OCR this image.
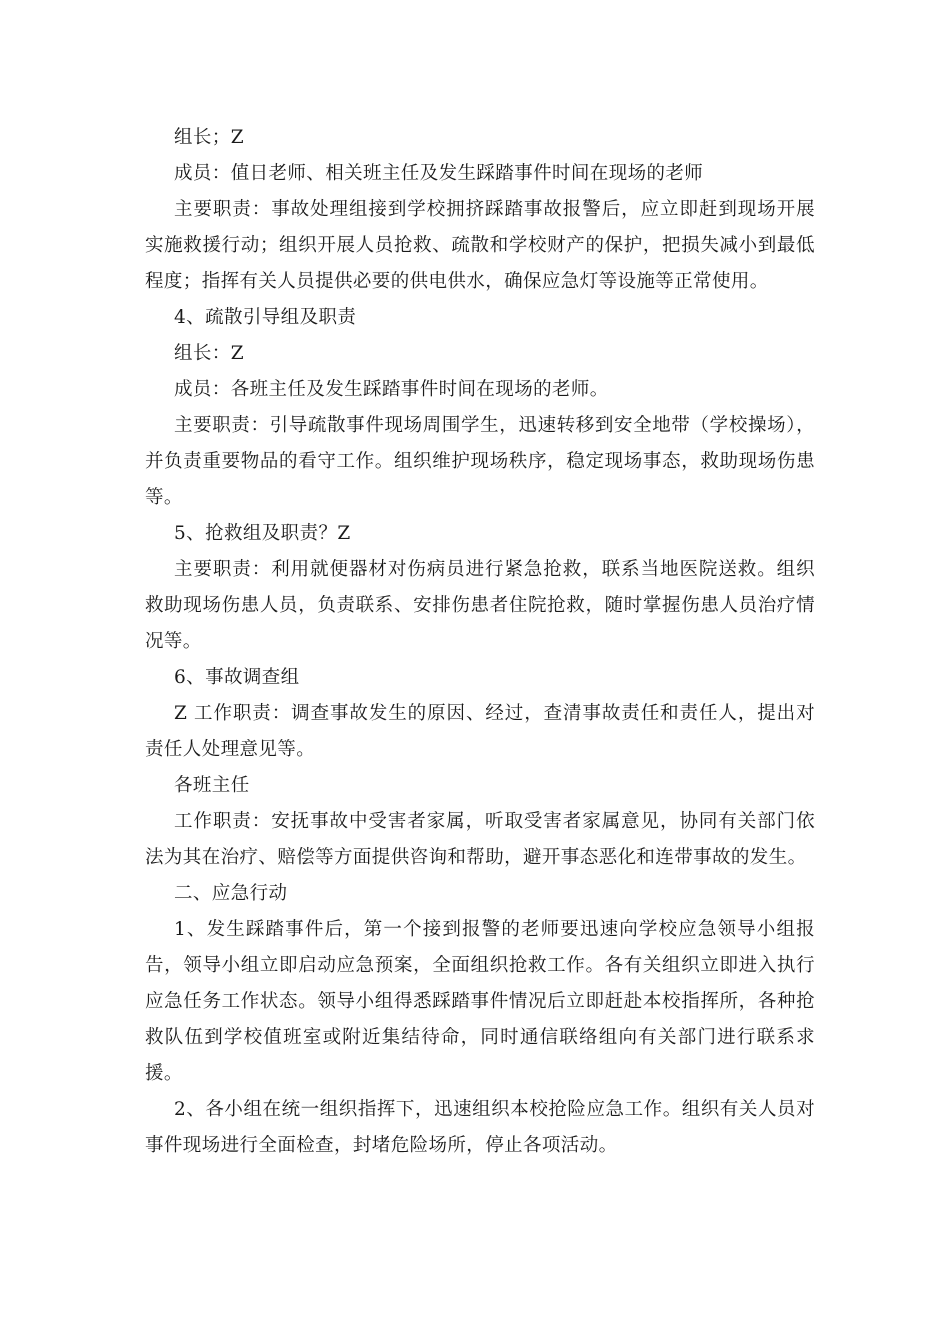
组长；Z

成员：值日老师、相关班主任及发生踩踏事件时间在现场的老师

主要职责：事故处理组接到学校拥挤踩踏事故报警后，应立即赶到现场开展实施救援行动；组织开展人员抢救、疏散和学校财产的保护，把损失减小到最低程度；指挥有关人员提供必要的供电供水，确保应急灯等设施等正常使用。

4、疏散引导组及职责

组长：Z

成员：各班主任及发生踩踏事件时间在现场的老师。

主要职责：引导疏散事件现场周围学生，迅速转移到安全地带（学校操场），并负责重要物品的看守工作。组织维护现场秩序，稳定现场事态，救助现场伤患等。

5、抢救组及职责？Z

主要职责：利用就便器材对伤病员进行紧急抢救，联系当地医院送救。组织救助现场伤患人员，负责联系、安排伤患者住院抢救，随时掌握伤患人员治疗情况等。

6、事故调查组

Z 工作职责：调查事故发生的原因、经过，查清事故责任和责任人，提出对责任人处理意见等。

各班主任

工作职责：安抚事故中受害者家属，听取受害者家属意见，协同有关部门依法为其在治疗、赔偿等方面提供咨询和帮助，避开事态恶化和连带事故的发生。

二、应急行动

1、发生踩踏事件后，第一个接到报警的老师要迅速向学校应急领导小组报告，领导小组立即启动应急预案，全面组织抢救工作。各有关组织立即进入执行应急任务工作状态。领导小组得悉踩踏事件情况后立即赶赴本校指挥所，各种抢救队伍到学校值班室或附近集结待命，同时通信联络组向有关部门进行联系求援。

2、各小组在统一组织指挥下，迅速组织本校抢险应急工作。组织有关人员对事件现场进行全面检查，封堵危险场所，停止各项活动。
